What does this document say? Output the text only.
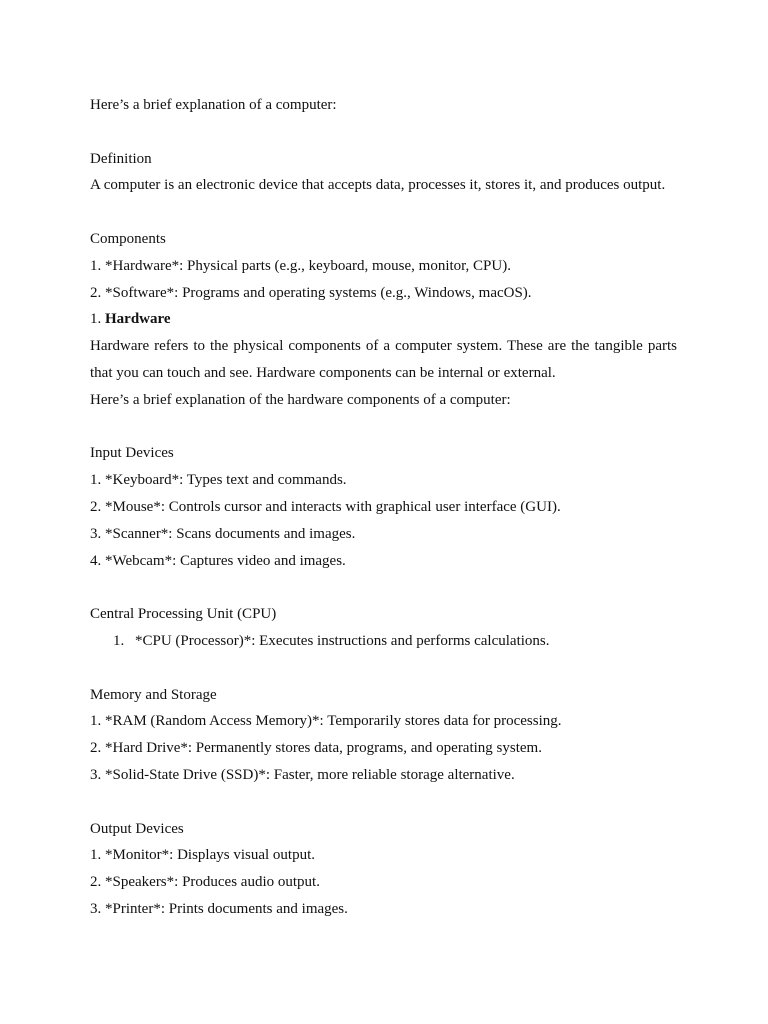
Here’s a brief explanation of a computer:

Definition

A computer is an electronic device that accepts data, processes it, stores it, and produces output.

Components

1. *Hardware*: Physical parts (e.g., keyboard, mouse, monitor, CPU).

2. *Software*: Programs and operating systems (e.g., Windows, macOS).

1. Hardware

Hardware refers to the physical components of a computer system. These are the tangible parts that you can touch and see. Hardware components can be internal or external.

Here’s a brief explanation of the hardware components of a computer:

Input Devices

1. *Keyboard*: Types text and commands.

2. *Mouse*: Controls cursor and interacts with graphical user interface (GUI).

3. *Scanner*: Scans documents and images.

4. *Webcam*: Captures video and images.

Central Processing Unit (CPU)

1. *CPU (Processor)*: Executes instructions and performs calculations.

Memory and Storage

1. *RAM (Random Access Memory)*: Temporarily stores data for processing.

2. *Hard Drive*: Permanently stores data, programs, and operating system.

3. *Solid-State Drive (SSD)*: Faster, more reliable storage alternative.

Output Devices

1. *Monitor*: Displays visual output.

2. *Speakers*: Produces audio output.

3. *Printer*: Prints documents and images.
